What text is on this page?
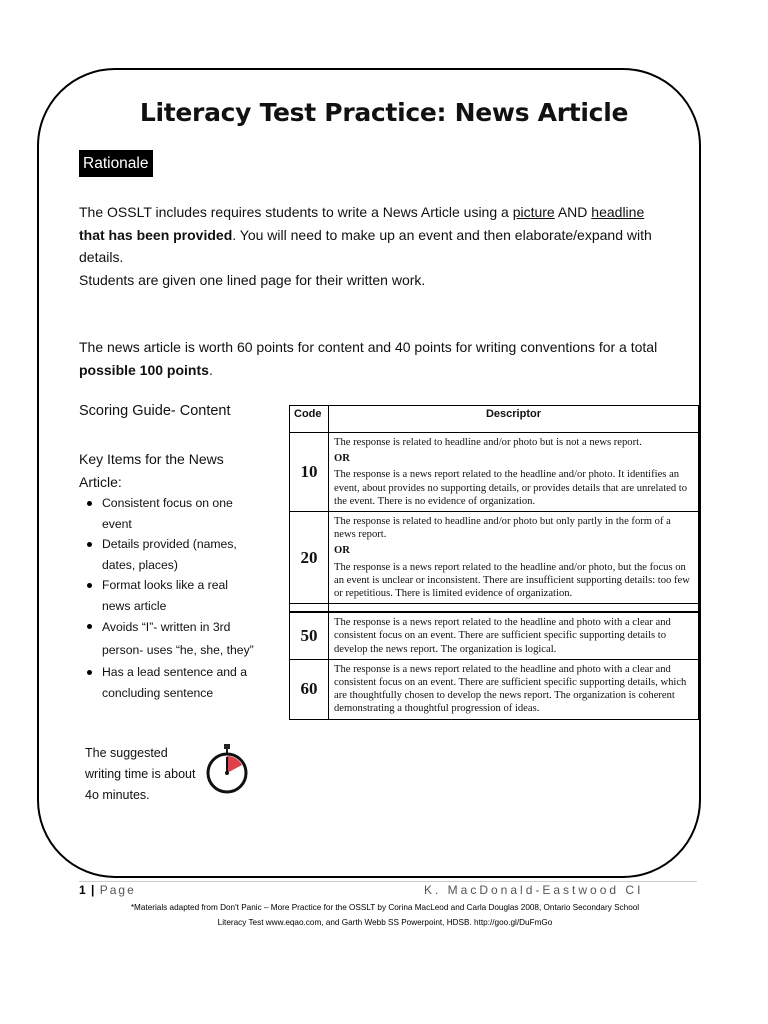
Literacy Test Practice: News Article
Rationale
The OSSLT includes requires students to write a News Article using a picture AND headline
that has been provided. You will need to make up an event and then elaborate/expand with details.
Students are given one lined page for their written work.
The news article is worth 60 points for content and 40 points for writing conventions for a total
possible 100 points.
Scoring Guide- Content
Key Items for the News Article:
Consistent focus on one event
Details provided (names, dates, places)
Format looks like a real news article
Avoids “I”- written in 3rd person- uses “he, she, they”
Has a lead sentence and a concluding sentence
The suggested writing time is about 4o minutes.
Code	Descriptor
10	The response is related to headline and/or photo but is not a news report.
OR
The response is a news report related to the headline and/or photo. It identifies an event, about provides no supporting details, or provides details that are unrelated to the event. There is no evidence of organization.
20	The response is related to headline and/or photo but only partly in the form of a news report.
OR
The response is a news report related to the headline and/or photo, but the focus on an event is unclear or inconsistent. There are insufficient supporting details: too few or repetitious. There is limited evidence of organization.

50	The response is a news report related to the headline and photo with a clear and consistent focus on an event. There are sufficient specific supporting details to develop the news report. The organization is logical.
60	The response is a news report related to the headline and photo with a clear and consistent focus on an event. There are sufficient specific supporting details, which are thoughtfully chosen to develop the news report. The organization is coherent demonstrating a thoughtful progression of ideas.
1 | Page	K. MacDonald-Eastwood CI
*Materials adapted from Don't Panic – More Practice for the OSSLT by Corina MacLeod and Carla Douglas 2008, Ontario Secondary School
Literacy Test www.eqao.com, and Garth Webb SS Powerpoint, HDSB. http://goo.gl/DuFmGo
